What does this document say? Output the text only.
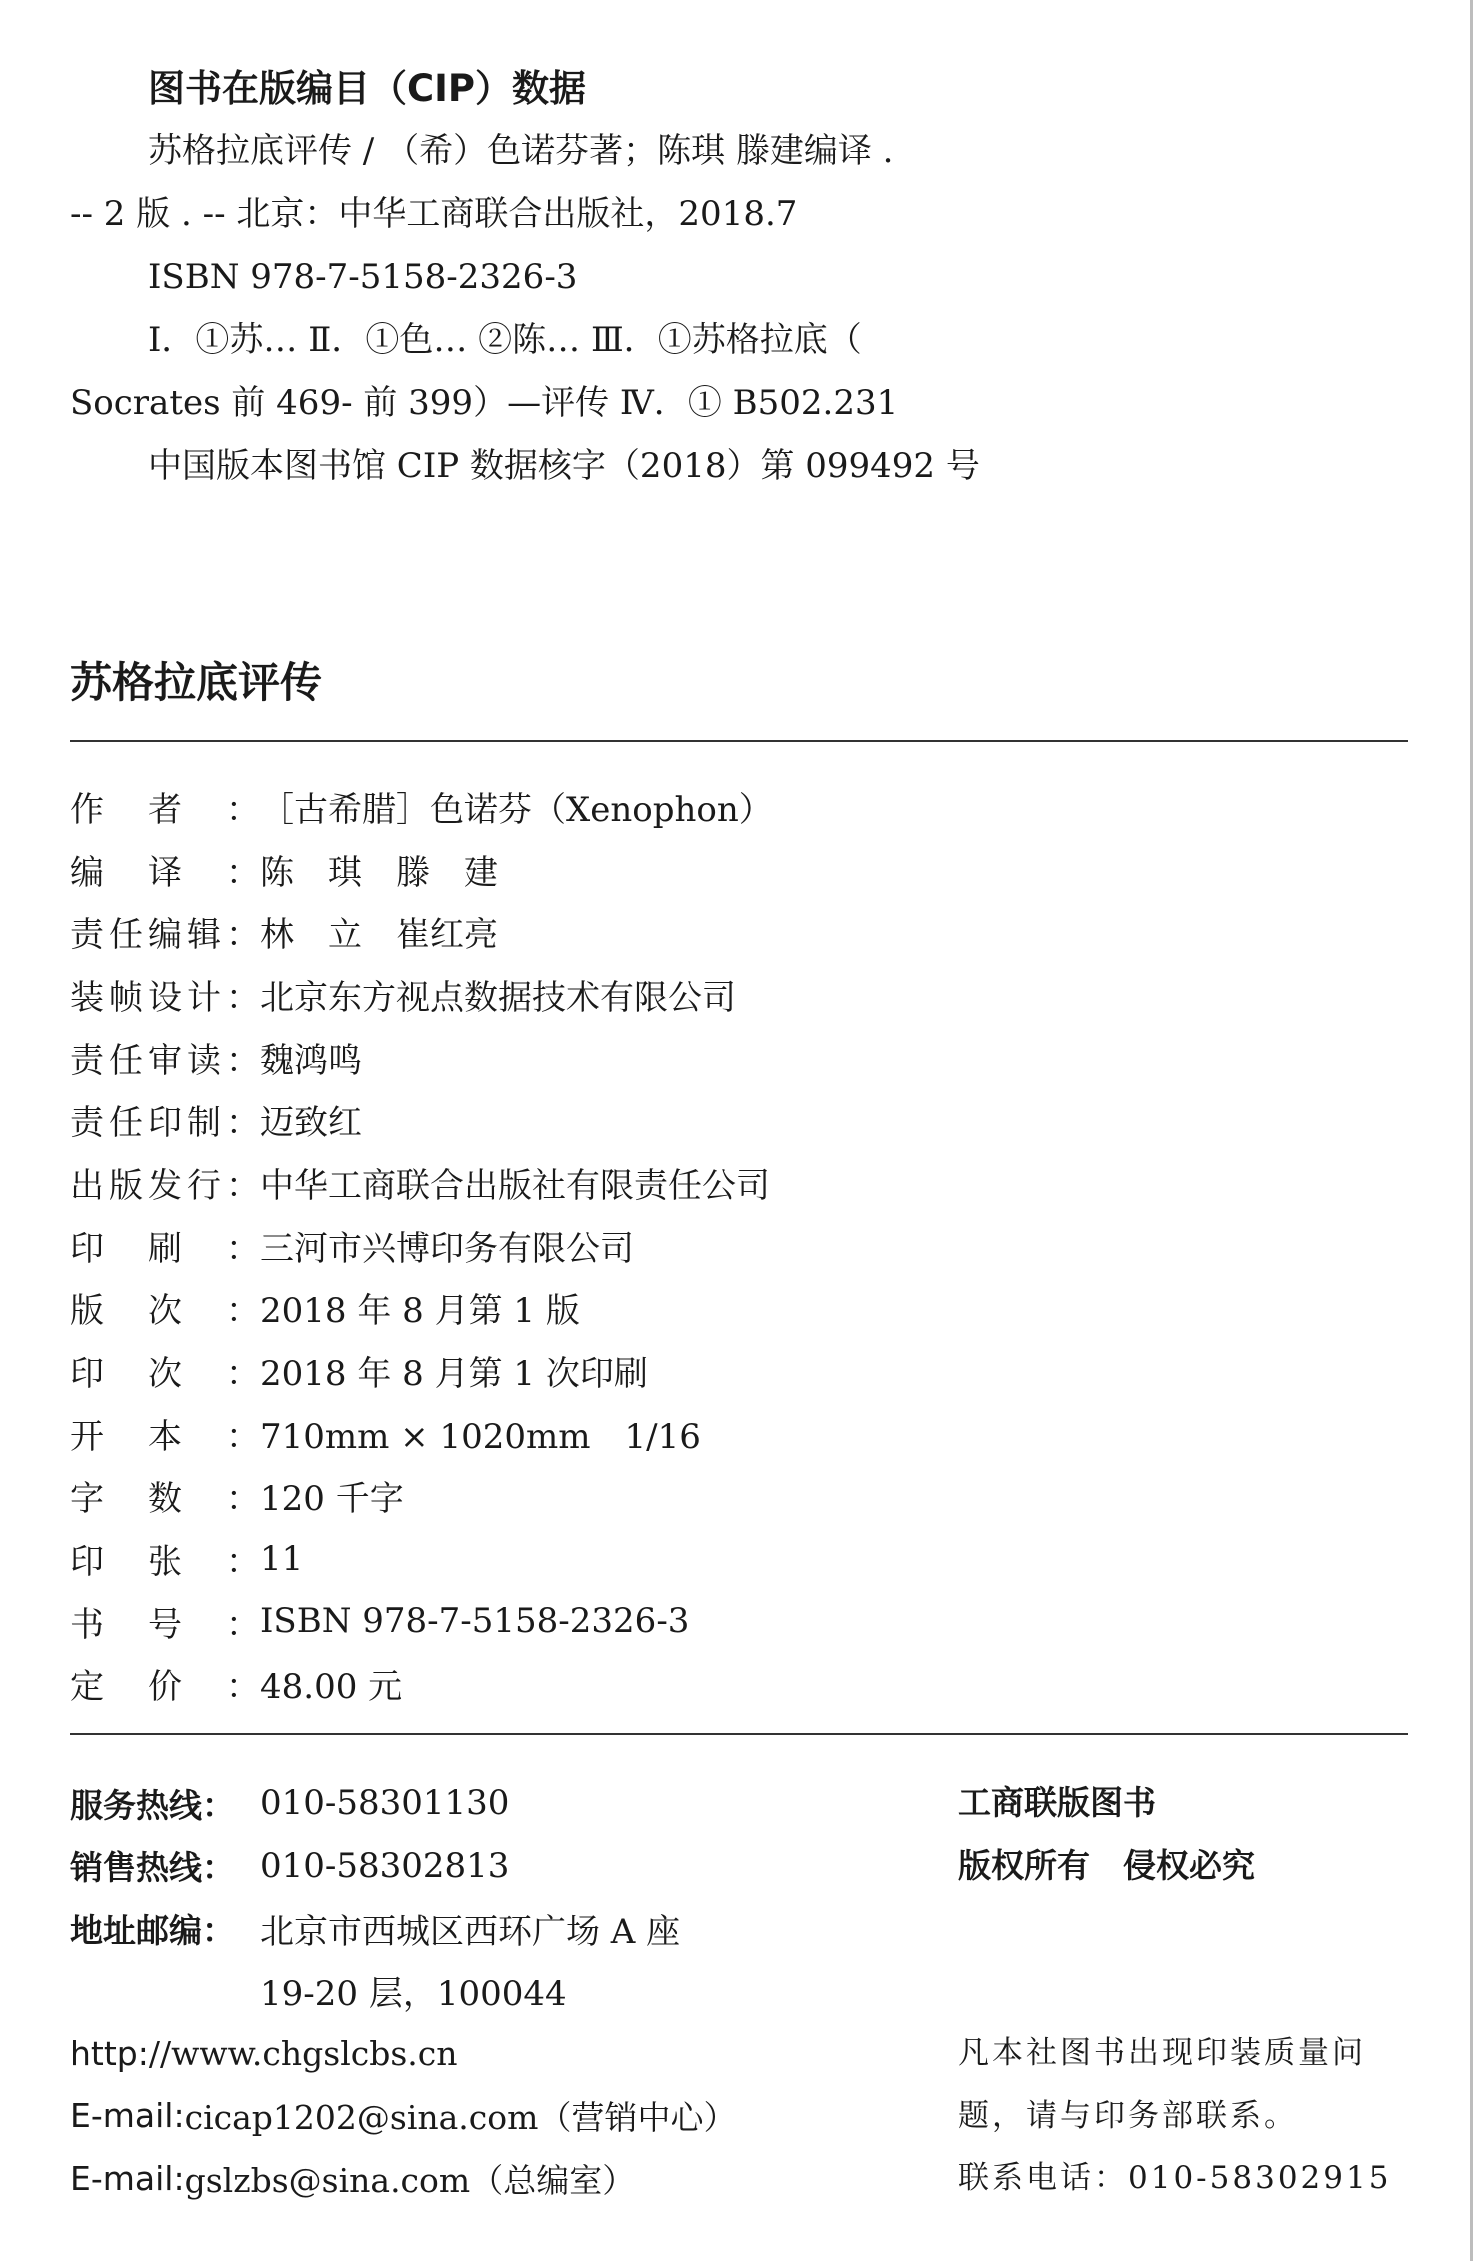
图书在版编目（CIP）数据
苏格拉底评传 / （希）色诺芬著；陈琪 滕建编译 .
-- 2 版 . -- 北京：中华工商联合出版社，2018.7
ISBN 978-7-5158-2326-3
Ⅰ．①苏… Ⅱ．①色… ②陈… Ⅲ．①苏格拉底（
Socrates 前 469- 前 399）—评传 Ⅳ．① B502.231
中国版本图书馆 CIP 数据核字（2018）第 099492 号
苏格拉底评传
作 者 ： ［古希腊］色诺芬（Xenophon）
编 译 ： 陈　琪　滕　建
责 任 编 辑 ： 林　立　崔红亮
装 帧 设 计 ： 北京东方视点数据技术有限公司
责 任 审 读 ： 魏鸿鸣
责 任 印 制 ： 迈致红
出 版 发 行 ： 中华工商联合出版社有限责任公司
印 刷 ： 三河市兴博印务有限公司
版 次 ： 2018 年 8 月第 1 版
印 次 ： 2018 年 8 月第 1 次印刷
开 本 ： 710mm × 1020mm　1/16
字 数 ： 120 千字
印 张 ： 11
书 号 ： ISBN 978-7-5158-2326-3
定 价 ： 48.00 元
服务热线： 010-58301130
销售热线： 010-58302813
地址邮编： 北京市西城区西环广场 A 座
19-20 层，100044
http: //www.chgslcbs.cn
E-mail: cicap1202@sina.com（营销中心）
E-mail: gslzbs@sina.com（总编室）
工商联版图书
版权所有　侵权必究
凡本社图书出现印装质量问
题，请与印务部联系。
联系电话：010-58302915
